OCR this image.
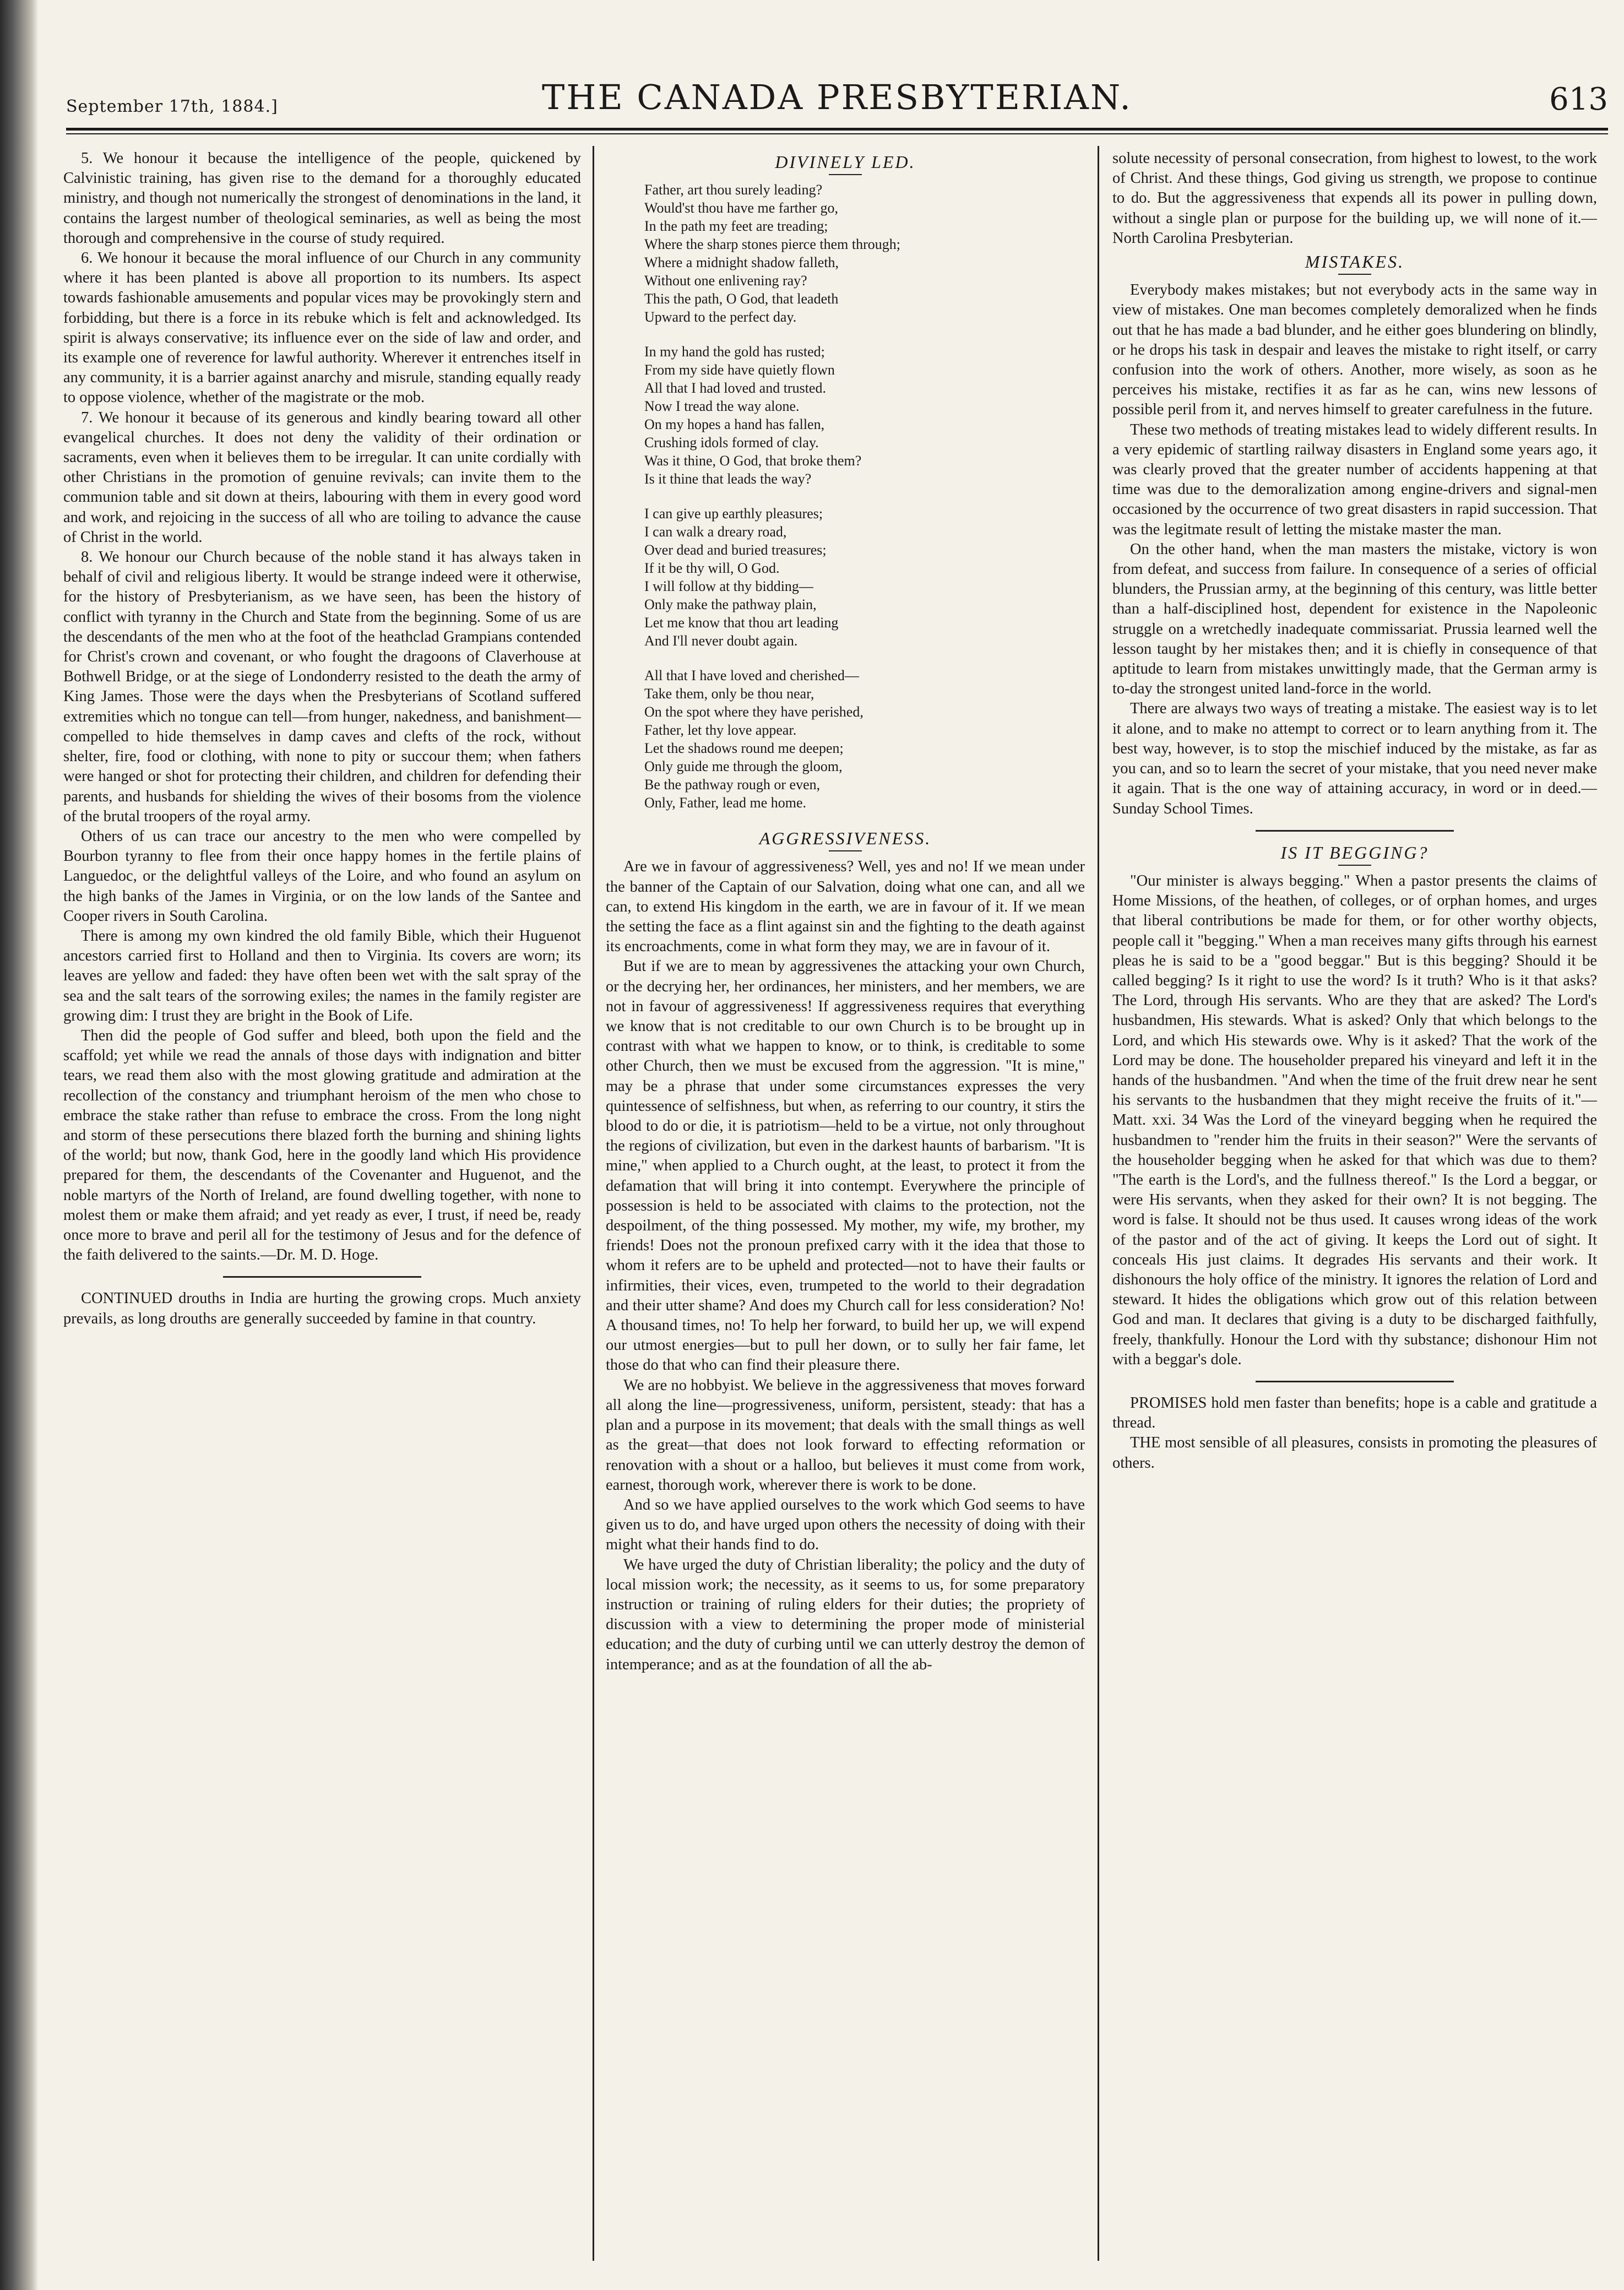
September 17th, 1884.]	THE CANADA PRESBYTERIAN.	613

5. We honour it because the intelligence of the people, quickened by Calvinistic training, has given rise to the demand for a thoroughly educated ministry, and though not numerically the strongest of denominations in the land, it contains the largest number of theological seminaries, as well as being the most thorough and comprehensive in the course of study required.

6. We honour it because the moral influence of our Church in any community where it has been planted is above all proportion to its numbers. Its aspect towards fashionable amusements and popular vices may be provokingly stern and forbidding, but there is a force in its rebuke which is felt and acknowledged. Its spirit is always conservative; its influence ever on the side of law and order, and its example one of reverence for lawful authority. Wherever it entrenches itself in any community, it is a barrier against anarchy and misrule, standing equally ready to oppose violence, whether of the magistrate or the mob.

7. We honour it because of its generous and kindly bearing toward all other evangelical churches. It does not deny the validity of their ordination or sacraments, even when it believes them to be irregular. It can unite cordially with other Christians in the promotion of genuine revivals; can invite them to the communion table and sit down at theirs, labouring with them in every good word and work, and rejoicing in the success of all who are toiling to advance the cause of Christ in the world.

8. We honour our Church because of the noble stand it has always taken in behalf of civil and religious liberty. It would be strange indeed were it otherwise, for the history of Presbyterianism, as we have seen, has been the history of conflict with tyranny in the Church and State from the beginning. Some of us are the descendants of the men who at the foot of the heathclad Grampians contended for Christ's crown and covenant, or who fought the dragoons of Claverhouse at Bothwell Bridge, or at the siege of Londonderry resisted to the death the army of King James. Those were the days when the Presbyterians of Scotland suffered extremities which no tongue can tell—from hunger, nakedness, and banishment—compelled to hide themselves in damp caves and clefts of the rock, without shelter, fire, food or clothing, with none to pity or succour them; when fathers were hanged or shot for protecting their children, and children for defending their parents, and husbands for shielding the wives of their bosoms from the violence of the brutal troopers of the royal army.

Others of us can trace our ancestry to the men who were compelled by Bourbon tyranny to flee from their once happy homes in the fertile plains of Languedoc, or the delightful valleys of the Loire, and who found an asylum on the high banks of the James in Virginia, or on the low lands of the Santee and Cooper rivers in South Carolina.

There is among my own kindred the old family Bible, which their Huguenot ancestors carried first to Holland and then to Virginia. Its covers are worn; its leaves are yellow and faded: they have often been wet with the salt spray of the sea and the salt tears of the sorrowing exiles; the names in the family register are growing dim: I trust they are bright in the Book of Life.

Then did the people of God suffer and bleed, both upon the field and the scaffold; yet while we read the annals of those days with indignation and bitter tears, we read them also with the most glowing gratitude and admiration at the recollection of the constancy and triumphant heroism of the men who chose to embrace the stake rather than refuse to embrace the cross. From the long night and storm of these persecutions there blazed forth the burning and shining lights of the world; but now, thank God, here in the goodly land which His providence prepared for them, the descendants of the Covenanter and Huguenot, and the noble martyrs of the North of Ireland, are found dwelling together, with none to molest them or make them afraid; and yet ready as ever, I trust, if need be, ready once more to brave and peril all for the testimony of Jesus and for the defence of the faith delivered to the saints.—Dr. M. D. Hoge.

CONTINUED drouths in India are hurting the growing crops. Much anxiety prevails, as long drouths are generally succeeded by famine in that country.

DIVINELY LED.
Father, art thou surely leading?
Would'st thou have me farther go,
In the path my feet are treading;
Where the sharp stones pierce them through;
Where a midnight shadow falleth,
Without one enlivening ray?
This the path, O God, that leadeth
Upward to the perfect day.
In my hand the gold has rusted;
From my side have quietly flown
All that I had loved and trusted.
Now I tread the way alone.
On my hopes a hand has fallen,
Crushing idols formed of clay.
Was it thine, O God, that broke them?
Is it thine that leads the way?
I can give up earthly pleasures;
I can walk a dreary road,
Over dead and buried treasures;
If it be thy will, O God.
I will follow at thy bidding—
Only make the pathway plain,
Let me know that thou art leading
And I'll never doubt again.
All that I have loved and cherished—
Take them, only be thou near,
On the spot where they have perished,
Father, let thy love appear.
Let the shadows round me deepen;
Only guide me through the gloom,
Be the pathway rough or even,
Only, Father, lead me home.
AGGRESSIVENESS.

Are we in favour of aggressiveness? Well, yes and no! If we mean under the banner of the Captain of our Salvation, doing what one can, and all we can, to extend His kingdom in the earth, we are in favour of it. If we mean the setting the face as a flint against sin and the fighting to the death against its encroachments, come in what form they may, we are in favour of it.

But if we are to mean by aggressivenes the attacking your own Church, or the decrying her, her ordinances, her ministers, and her members, we are not in favour of aggressiveness! If aggressiveness requires that everything we know that is not creditable to our own Church is to be brought up in contrast with what we happen to know, or to think, is creditable to some other Church, then we must be excused from the aggression. "It is mine," may be a phrase that under some circumstances expresses the very quintessence of selfishness, but when, as referring to our country, it stirs the blood to do or die, it is patriotism—held to be a virtue, not only throughout the regions of civilization, but even in the darkest haunts of barbarism. "It is mine," when applied to a Church ought, at the least, to protect it from the defamation that will bring it into contempt. Everywhere the principle of possession is held to be associated with claims to the protection, not the despoilment, of the thing possessed. My mother, my wife, my brother, my friends! Does not the pronoun prefixed carry with it the idea that those to whom it refers are to be upheld and protected—not to have their faults or infirmities, their vices, even, trumpeted to the world to their degradation and their utter shame? And does my Church call for less consideration? No! A thousand times, no! To help her forward, to build her up, we will expend our utmost energies—but to pull her down, or to sully her fair fame, let those do that who can find their pleasure there.

We are no hobbyist. We believe in the aggressiveness that moves forward all along the line—progressiveness, uniform, persistent, steady: that has a plan and a purpose in its movement; that deals with the small things as well as the great—that does not look forward to effecting reformation or renovation with a shout or a halloo, but believes it must come from work, earnest, thorough work, wherever there is work to be done.

And so we have applied ourselves to the work which God seems to have given us to do, and have urged upon others the necessity of doing with their might what their hands find to do.

We have urged the duty of Christian liberality; the policy and the duty of local mission work; the necessity, as it seems to us, for some preparatory instruction or training of ruling elders for their duties; the propriety of discussion with a view to determining the proper mode of ministerial education; and the duty of curbing until we can utterly destroy the demon of intemperance; and as at the foundation of all the ab-

solute necessity of personal consecration, from highest to lowest, to the work of Christ. And these things, God giving us strength, we propose to continue to do. But the aggressiveness that expends all its power in pulling down, without a single plan or purpose for the building up, we will none of it.—North Carolina Presbyterian.

MISTAKES.

Everybody makes mistakes; but not everybody acts in the same way in view of mistakes. One man becomes completely demoralized when he finds out that he has made a bad blunder, and he either goes blundering on blindly, or he drops his task in despair and leaves the mistake to right itself, or carry confusion into the work of others. Another, more wisely, as soon as he perceives his mistake, rectifies it as far as he can, wins new lessons of possible peril from it, and nerves himself to greater carefulness in the future.

These two methods of treating mistakes lead to widely different results. In a very epidemic of startling railway disasters in England some years ago, it was clearly proved that the greater number of accidents happening at that time was due to the demoralization among engine-drivers and signal-men occasioned by the occurrence of two great disasters in rapid succession. That was the legitmate result of letting the mistake master the man.

On the other hand, when the man masters the mistake, victory is won from defeat, and success from failure. In consequence of a series of official blunders, the Prussian army, at the beginning of this century, was little better than a half-disciplined host, dependent for existence in the Napoleonic struggle on a wretchedly inadequate commissariat. Prussia learned well the lesson taught by her mistakes then; and it is chiefly in consequence of that aptitude to learn from mistakes unwittingly made, that the German army is to-day the strongest united land-force in the world.

There are always two ways of treating a mistake. The easiest way is to let it alone, and to make no attempt to correct or to learn anything from it. The best way, however, is to stop the mischief induced by the mistake, as far as you can, and so to learn the secret of your mistake, that you need never make it again. That is the one way of attaining accuracy, in word or in deed.—Sunday School Times.

IS IT BEGGING?

"Our minister is always begging." When a pastor presents the claims of Home Missions, of the heathen, of colleges, or of orphan homes, and urges that liberal contributions be made for them, or for other worthy objects, people call it "begging." When a man receives many gifts through his earnest pleas he is said to be a "good beggar." But is this begging? Should it be called begging? Is it right to use the word? Is it truth? Who is it that asks? The Lord, through His servants. Who are they that are asked? The Lord's husbandmen, His stewards. What is asked? Only that which belongs to the Lord, and which His stewards owe. Why is it asked? That the work of the Lord may be done. The householder prepared his vineyard and left it in the hands of the husbandmen. "And when the time of the fruit drew near he sent his servants to the husbandmen that they might receive the fruits of it."—Matt. xxi. 34 Was the Lord of the vineyard begging when he required the husbandmen to "render him the fruits in their season?" Were the servants of the householder begging when he asked for that which was due to them? "The earth is the Lord's, and the fullness thereof." Is the Lord a beggar, or were His servants, when they asked for their own? It is not begging. The word is false. It should not be thus used. It causes wrong ideas of the work of the pastor and of the act of giving. It keeps the Lord out of sight. It conceals His just claims. It degrades His servants and their work. It dishonours the holy office of the ministry. It ignores the relation of Lord and steward. It hides the obligations which grow out of this relation between God and man. It declares that giving is a duty to be discharged faithfully, freely, thankfully. Honour the Lord with thy substance; dishonour Him not with a beggar's dole.

PROMISES hold men faster than benefits; hope is a cable and gratitude a thread.

THE most sensible of all pleasures, consists in promoting the pleasures of others.
